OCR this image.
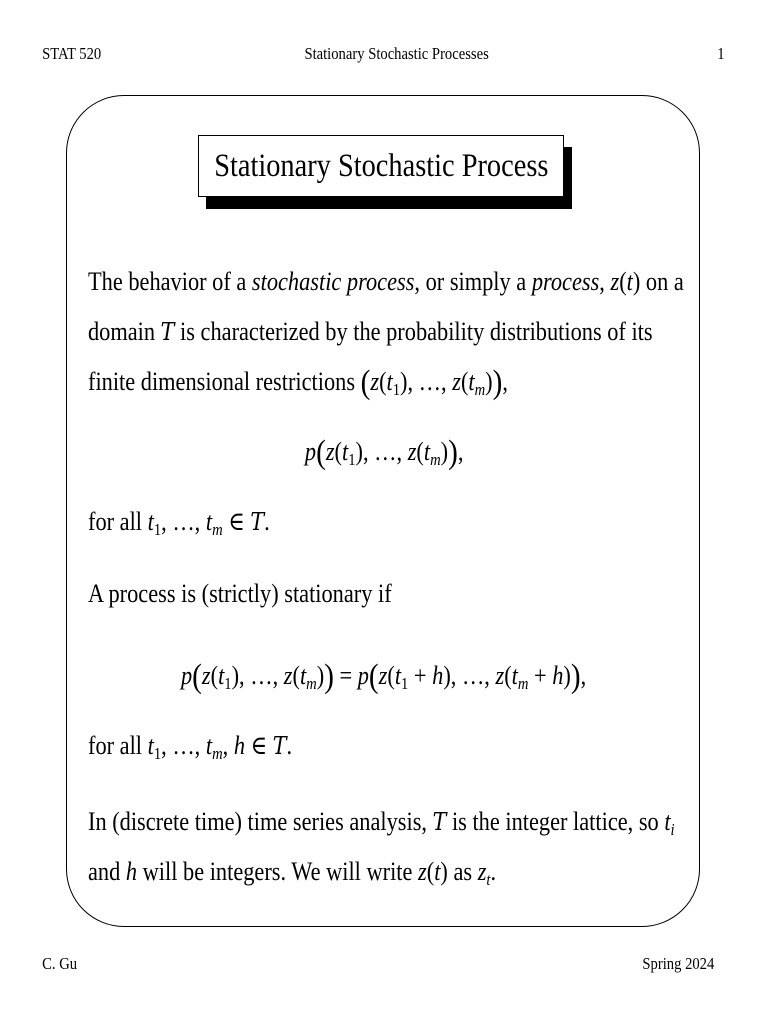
STAT 520	Stationary Stochastic Processes	1
Stationary Stochastic Process
The behavior of a stochastic process, or simply a process, z(t) on a
domain T is characterized by the probability distributions of its
finite dimensional restrictions ($z(t_1)$, …, $z(t_m)$),
$p(z(t_1)$, …, $z(t_m)$),
for all $t_1$, …, $t_m$ ∈ T.
A process is (strictly) stationary if
$p(z(t_1)$, …, $z(t_m)) = p(z(t_1 + h)$, …, $z(t_m + h)$),
for all $t_1$, …, $t_m$, h ∈ T.
In (discrete time) time series analysis, T is the integer lattice, so $t_i$
and h will be integers. We will write z(t) as $z_t$.
C. Gu	Spring 2024
